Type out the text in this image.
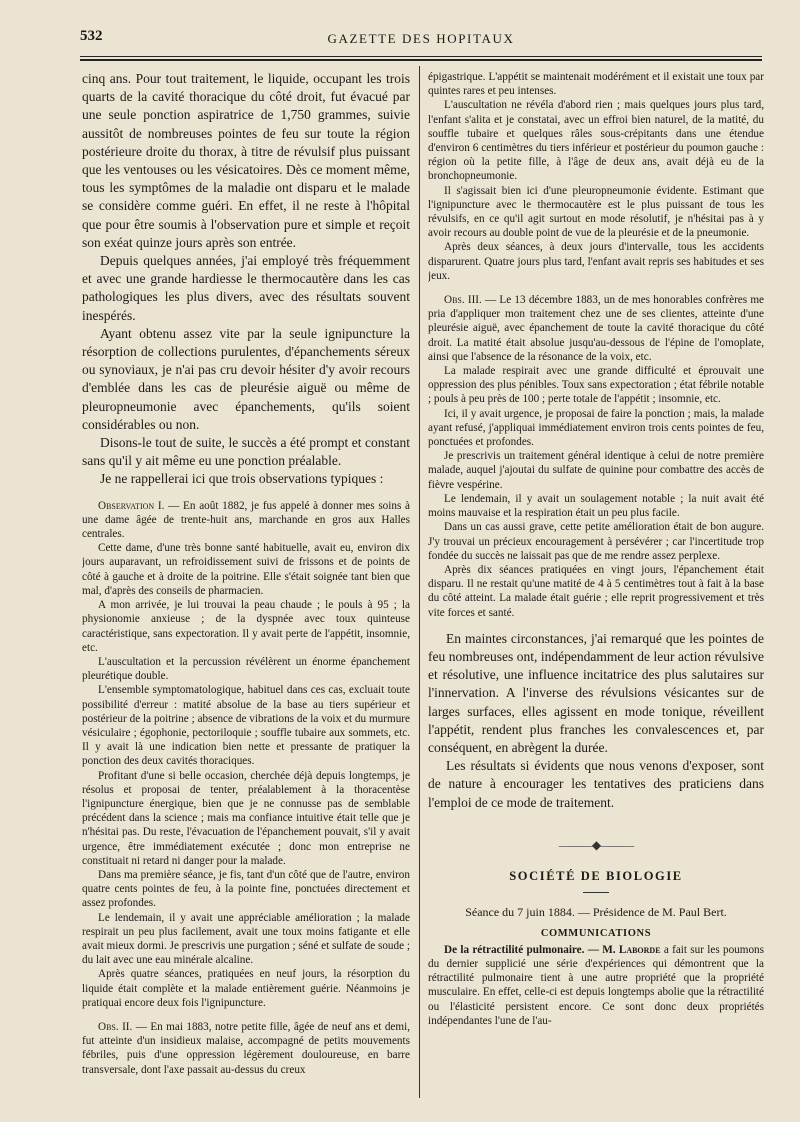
532	GAZETTE DES HOPITAUX

cinq ans. Pour tout traitement, le liquide, occupant les trois quarts de la cavité thoracique du côté droit, fut évacué par une seule ponction aspiratrice de 1,750 grammes, suivie aussitôt de nombreuses pointes de feu sur toute la région postérieure droite du thorax, à titre de révulsif plus puissant que les ventouses ou les vésicatoires. Dès ce moment même, tous les symptômes de la maladie ont disparu et le malade se considère comme guéri. En effet, il ne reste à l'hôpital que pour être soumis à l'observation pure et simple et reçoit son exéat quinze jours après son entrée.

Depuis quelques années, j'ai employé très fréquemment et avec une grande hardiesse le thermocautère dans les cas pathologiques les plus divers, avec des résultats souvent inespérés.

Ayant obtenu assez vite par la seule ignipuncture la résorption de collections purulentes, d'épanchements séreux ou synoviaux, je n'ai pas cru devoir hésiter d'y avoir recours d'emblée dans les cas de pleurésie aiguë ou même de pleuropneumonie avec épanchements, qu'ils soient considérables ou non.

Disons-le tout de suite, le succès a été prompt et constant sans qu'il y ait même eu une ponction préalable.

Je ne rappellerai ici que trois observations typiques :

Observation I. — En août 1882, je fus appelé à donner mes soins à une dame âgée de trente-huit ans, marchande en gros aux Halles centrales.

Cette dame, d'une très bonne santé habituelle, avait eu, environ dix jours auparavant, un refroidissement suivi de frissons et de points de côté à gauche et à droite de la poitrine. Elle s'était soignée tant bien que mal, d'après des conseils de pharmacien.

A mon arrivée, je lui trouvai la peau chaude ; le pouls à 95 ; la physionomie anxieuse ; de la dyspnée avec toux quinteuse caractéristique, sans expectoration. Il y avait perte de l'appétit, insomnie, etc.

L'auscultation et la percussion révélèrent un énorme épanchement pleurétique double.

L'ensemble symptomatologique, habituel dans ces cas, excluait toute possibilité d'erreur : matité absolue de la base au tiers supérieur et postérieur de la poitrine ; absence de vibrations de la voix et du murmure vésiculaire ; égophonie, pectoriloquie ; souffle tubaire aux sommets, etc. Il y avait là une indication bien nette et pressante de pratiquer la ponction des deux cavités thoraciques.

Profitant d'une si belle occasion, cherchée déjà depuis longtemps, je résolus et proposai de tenter, préalablement à la thoracentèse l'ignipuncture énergique, bien que je ne connusse pas de semblable précédent dans la science ; mais ma confiance intuitive était telle que je n'hésitai pas. Du reste, l'évacuation de l'épanchement pouvait, s'il y avait urgence, être immédiatement exécutée ; donc mon entreprise ne constituait ni retard ni danger pour la malade.

Dans ma première séance, je fis, tant d'un côté que de l'autre, environ quatre cents pointes de feu, à la pointe fine, ponctuées directement et assez profondes.

Le lendemain, il y avait une appréciable amélioration ; la malade respirait un peu plus facilement, avait une toux moins fatigante et elle avait mieux dormi. Je prescrivis une purgation ; séné et sulfate de soude ; du lait avec une eau minérale alcaline.

Après quatre séances, pratiquées en neuf jours, la résorption du liquide était complète et la malade entièrement guérie. Néanmoins je pratiquai encore deux fois l'ignipuncture.

Obs. II. — En mai 1883, notre petite fille, âgée de neuf ans et demi, fut atteinte d'un insidieux malaise, accompagné de petits mouvements fébriles, puis d'une oppression légèrement douloureuse, en barre transversale, dont l'axe passait au-dessus du creux

épigastrique. L'appétit se maintenait modérément et il existait une toux par quintes rares et peu intenses.

L'auscultation ne révéla d'abord rien ; mais quelques jours plus tard, l'enfant s'alita et je constatai, avec un effroi bien naturel, de la matité, du souffle tubaire et quelques râles sous-crépitants dans une étendue d'environ 6 centimètres du tiers inférieur et postérieur du poumon gauche : région où la petite fille, à l'âge de deux ans, avait déjà eu de la bronchopneumonie.

Il s'agissait bien ici d'une pleuropneumonie évidente. Estimant que l'ignipuncture avec le thermocautère est le plus puissant de tous les révulsifs, en ce qu'il agit surtout en mode résolutif, je n'hésitai pas à y avoir recours au double point de vue de la pleurésie et de la pneumonie.

Après deux séances, à deux jours d'intervalle, tous les accidents disparurent. Quatre jours plus tard, l'enfant avait repris ses habitudes et ses jeux.

Obs. III. — Le 13 décembre 1883, un de mes honorables confrères me pria d'appliquer mon traitement chez une de ses clientes, atteinte d'une pleurésie aiguë, avec épanchement de toute la cavité thoracique du côté droit. La matité était absolue jusqu'au-dessous de l'épine de l'omoplate, ainsi que l'absence de la résonance de la voix, etc.

La malade respirait avec une grande difficulté et éprouvait une oppression des plus pénibles. Toux sans expectoration ; état fébrile notable ; pouls à peu près de 100 ; perte totale de l'appétit ; insomnie, etc.

Ici, il y avait urgence, je proposai de faire la ponction ; mais, la malade ayant refusé, j'appliquai immédiatement environ trois cents pointes de feu, ponctuées et profondes.

Je prescrivis un traitement général identique à celui de notre première malade, auquel j'ajoutai du sulfate de quinine pour combattre des accès de fièvre vespérine.

Le lendemain, il y avait un soulagement notable ; la nuit avait été moins mauvaise et la respiration était un peu plus facile.

Dans un cas aussi grave, cette petite amélioration était de bon augure. J'y trouvai un précieux encouragement à persévérer ; car l'incertitude trop fondée du succès ne laissait pas que de me rendre assez perplexe.

Après dix séances pratiquées en vingt jours, l'épanchement était disparu. Il ne restait qu'une matité de 4 à 5 centimètres tout à fait à la base du côté atteint. La malade était guérie ; elle reprit progressivement et très vite forces et santé.

En maintes circonstances, j'ai remarqué que les pointes de feu nombreuses ont, indépendamment de leur action révulsive et résolutive, une influence incitatrice des plus salutaires sur l'innervation. A l'inverse des révulsions vésicantes sur de larges surfaces, elles agissent en mode tonique, réveillent l'appétit, rendent plus franches les convalescences et, par conséquent, en abrègent la durée.

Les résultats si évidents que nous venons d'exposer, sont de nature à encourager les tentatives des praticiens dans l'emploi de ce mode de traitement.

———◆———
SOCIÉTÉ DE BIOLOGIE

Séance du 7 juin 1884. — Présidence de M. Paul Bert.

COMMUNICATIONS

De la rétractilité pulmonaire. — M. Laborde a fait sur les poumons du dernier supplicié une série d'expériences qui démontrent que la rétractilité pulmonaire tient à une autre propriété que la propriété musculaire. En effet, celle-ci est depuis longtemps abolie que la rétractilité ou l'élasticité persistent encore. Ce sont donc deux propriétés indépendantes l'une de l'au-
